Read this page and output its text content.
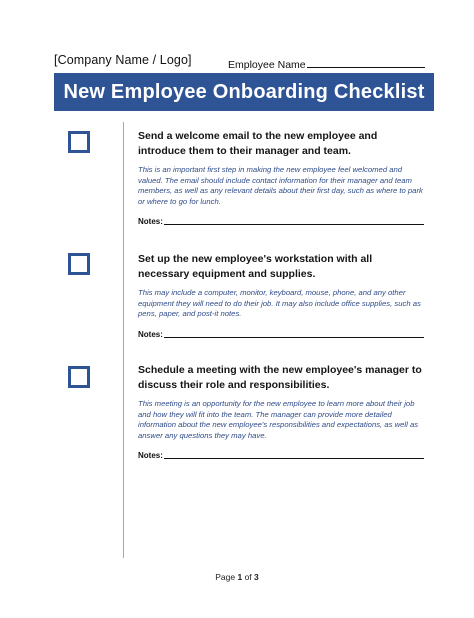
[Company Name / Logo]	Employee Name
New Employee Onboarding Checklist
Send a welcome email to the new employee and introduce them to their manager and team.
This is an important first step in making the new employee feel welcomed and valued. The email should include contact information for their manager and team members, as well as any relevant details about their first day, such as where to park or where to go for lunch.
Notes:
Set up the new employee's workstation with all necessary equipment and supplies.
This may include a computer, monitor, keyboard, mouse, phone, and any other equipment they will need to do their job. It may also include office supplies, such as pens, paper, and post-it notes.
Notes:
Schedule a meeting with the new employee's manager to discuss their role and responsibilities.
This meeting is an opportunity for the new employee to learn more about their job and how they will fit into the team. The manager can provide more detailed information about the new employee's responsibilities and expectations, as well as answer any questions they may have.
Notes:
Page 1 of 3
